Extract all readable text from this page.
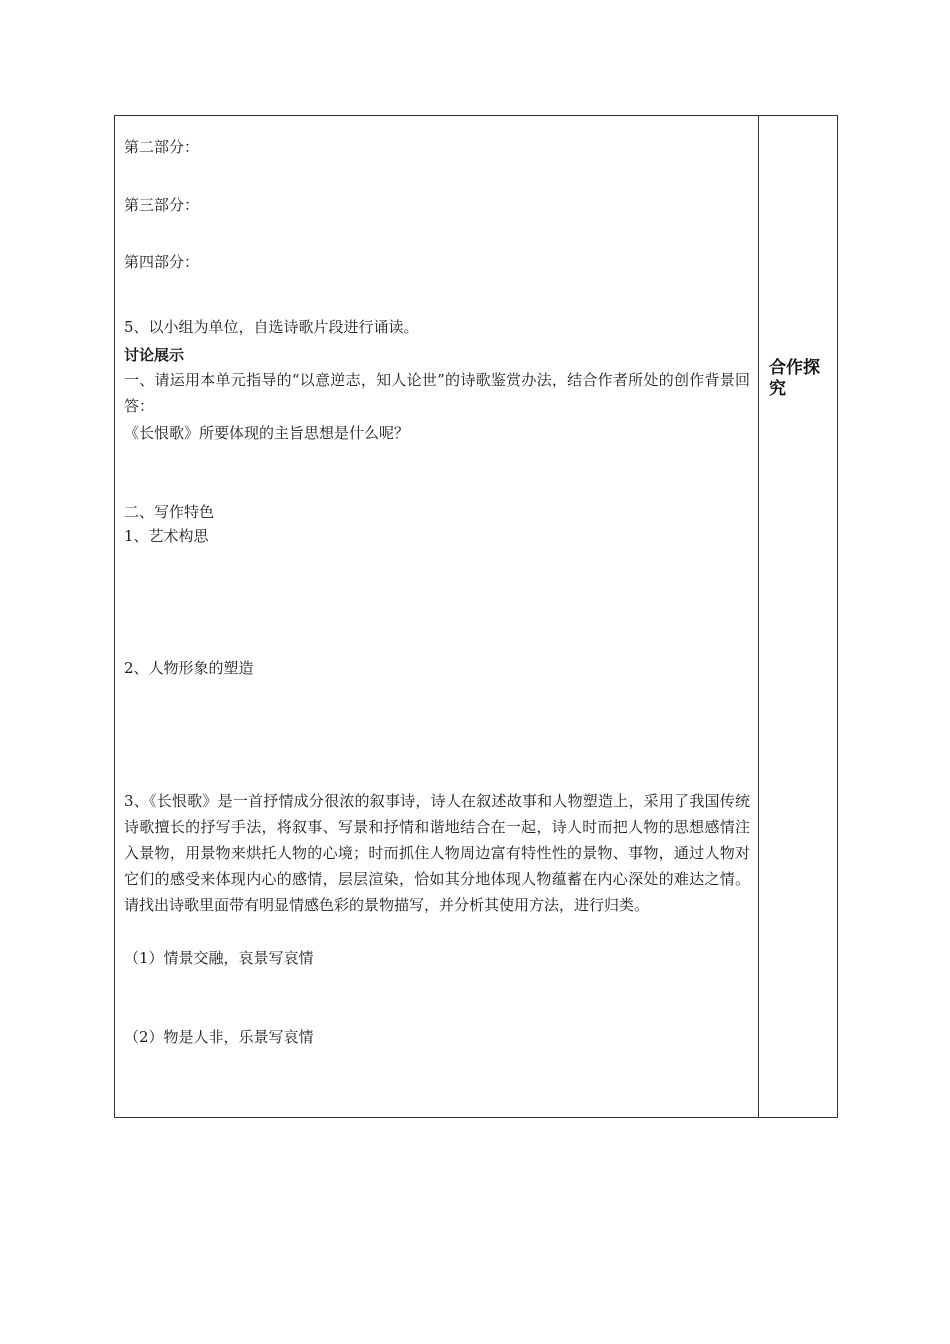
第二部分：
第三部分：
第四部分：
5、以小组为单位，自选诗歌片段进行诵读。
讨论展示
一、请运用本单元指导的“以意逆志，知人论世”的诗歌鉴赏办法，结合作者所处的创作背景回答：
《长恨歌》所要体现的主旨思想是什么呢？
二、写作特色
1、艺术构思
2、人物形象的塑造
3、《长恨歌》是一首抒情成分很浓的叙事诗，诗人在叙述故事和人物塑造上，采用了我国传统诗歌擅长的抒写手法，将叙事、写景和抒情和谐地结合在一起，诗人时而把人物的思想感情注入景物，用景物来烘托人物的心境；时而抓住人物周边富有特性性的景物、事物，通过人物对它们的感受来体现内心的感情，层层渲染，恰如其分地体现人物蕴蓄在内心深处的难达之情。请找出诗歌里面带有明显情感色彩的景物描写，并分析其使用方法，进行归类。
（1）情景交融，哀景写哀情
（2）物是人非，乐景写哀情
合作探究
